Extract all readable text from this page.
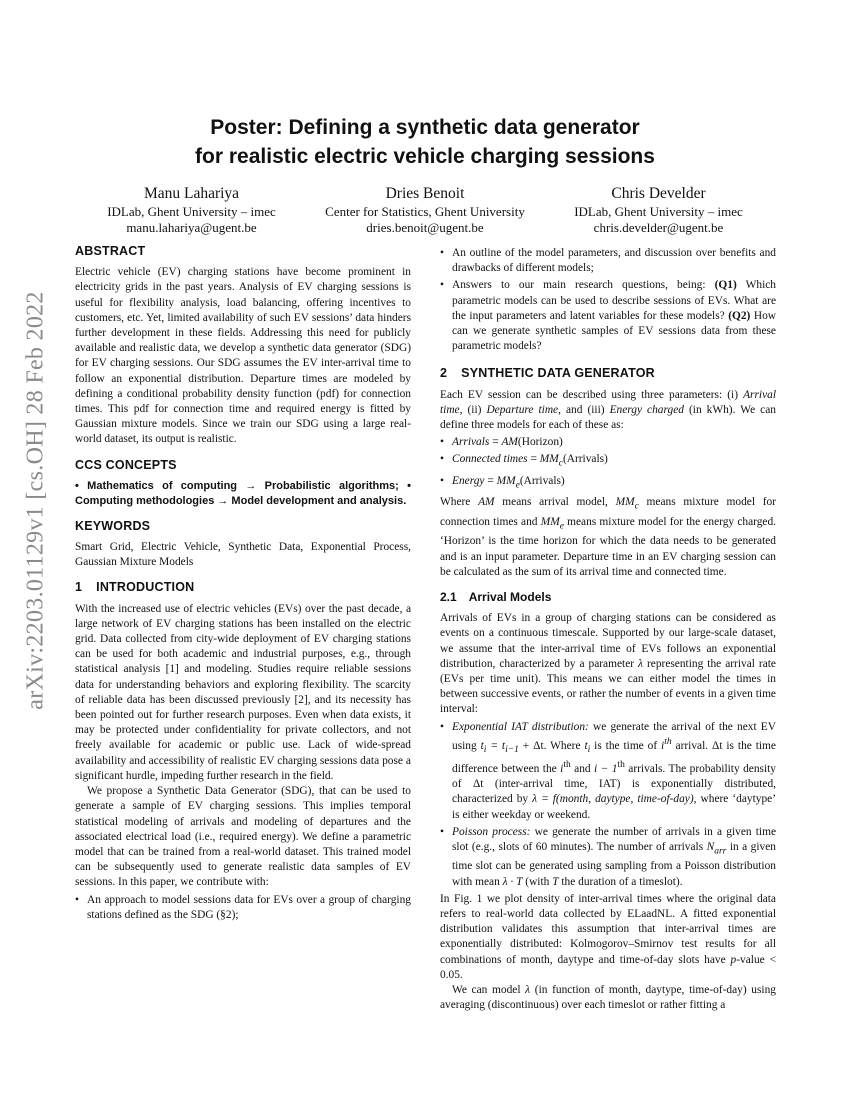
arXiv:2203.01129v1 [cs.OH] 28 Feb 2022
Poster: Defining a synthetic data generator
for realistic electric vehicle charging sessions
Manu Lahariya
IDLab, Ghent University – imec
manu.lahariya@ugent.be
Dries Benoit
Center for Statistics, Ghent University
dries.benoit@ugent.be
Chris Develder
IDLab, Ghent University – imec
chris.develder@ugent.be
ABSTRACT

Electric vehicle (EV) charging stations have become prominent in electricity grids in the past years. Analysis of EV charging sessions is useful for flexibility analysis, load balancing, offering incentives to customers, etc. Yet, limited availability of such EV sessions’ data hinders further development in these fields. Addressing this need for publicly available and realistic data, we develop a synthetic data generator (SDG) for EV charging sessions. Our SDG assumes the EV inter-arrival time to follow an exponential distribution. Departure times are modeled by defining a conditional probability density function (pdf) for connection times. This pdf for connection time and required energy is fitted by Gaussian mixture models. Since we train our SDG using a large real-world dataset, its output is realistic.

CCS CONCEPTS

• Mathematics of computing → Probabilistic algorithms; • Computing methodologies → Model development and analysis.

KEYWORDS

Smart Grid, Electric Vehicle, Synthetic Data, Exponential Process, Gaussian Mixture Models

1 INTRODUCTION

With the increased use of electric vehicles (EVs) over the past decade, a large network of EV charging stations has been installed on the electric grid. Data collected from city-wide deployment of EV charging stations can be used for both academic and industrial purposes, e.g., through statistical analysis [1] and modeling. Studies require reliable sessions data for understanding behaviors and exploring flexibility. The scarcity of reliable data has been discussed previously [2], and its necessity has been pointed out for further research purposes. Even when data exists, it may be protected under confidentiality for private collectors, and not freely available for academic or public use. Lack of wide-spread availability and accessibility of realistic EV charging sessions data pose a significant hurdle, impeding further research in the field.

We propose a Synthetic Data Generator (SDG), that can be used to generate a sample of EV charging sessions. This implies temporal statistical modeling of arrivals and modeling of departures and the associated electrical load (i.e., required energy). We define a parametric model that can be trained from a real-world dataset. This trained model can be subsequently used to generate realistic data samples of EV sessions. In this paper, we contribute with:

• An approach to model sessions data for EVs over a group of charging stations defined as the SDG (§2);
• An outline of the model parameters, and discussion over benefits and drawbacks of different models;
• Answers to our main research questions, being: (Q1) Which parametric models can be used to describe sessions of EVs. What are the input parameters and latent variables for these models? (Q2) How can we generate synthetic samples of EV sessions data from these parametric models?
2 SYNTHETIC DATA GENERATOR

Each EV session can be described using three parameters: (i) Arrival time, (ii) Departure time, and (iii) Energy charged (in kWh). We can define three models for each of these as:

• Arrivals = AM(Horizon)
• Connected times = $MM_c(Arrivals)$
• Energy = $MM_e(Arrivals)$

Where AM means arrival model, $MM_c$ means mixture model for connection times and $MM_e$ means mixture model for the energy charged. ‘Horizon’ is the time horizon for which the data needs to be generated and is an input parameter. Departure time in an EV charging session can be calculated as the sum of its arrival time and connected time.

2.1 Arrival Models

Arrivals of EVs in a group of charging stations can be considered as events on a continuous timescale. Supported by our large-scale dataset, we assume that the inter-arrival time of EVs follows an exponential distribution, characterized by a parameter λ representing the arrival rate (EVs per time unit). This means we can either model the times in between successive events, or rather the number of events in a given time interval:

• Exponential IAT distribution: we generate the arrival of the next EV using $t_i = t_{i-1} + \Delta t$. Where $t_i$ is the time of $i^{th}$ arrival. Δt is the time difference between the $i^{th}$ and i − 1th arrivals. The probability density of Δt (inter-arrival time, IAT) is exponentially distributed, characterized by λ = f(month, daytype, time-of-day), where ‘daytype’ is either weekday or weekend.
• Poisson process: we generate the number of arrivals in a given time slot (e.g., slots of 60 minutes). The number of arrivals $N_{arr}$ in a given time slot can be generated using sampling from a Poisson distribution with mean λ · T (with T the duration of a timeslot).

In Fig. 1 we plot density of inter-arrival times where the original data refers to real-world data collected by ELaadNL. A fitted exponential distribution validates this assumption that inter-arrival times are exponentially distributed: Kolmogorov–Smirnov test results for all combinations of month, daytype and time-of-day slots have p-value < 0.05.

We can model λ (in function of month, daytype, time-of-day) using averaging (discontinuous) over each timeslot or rather fitting a
